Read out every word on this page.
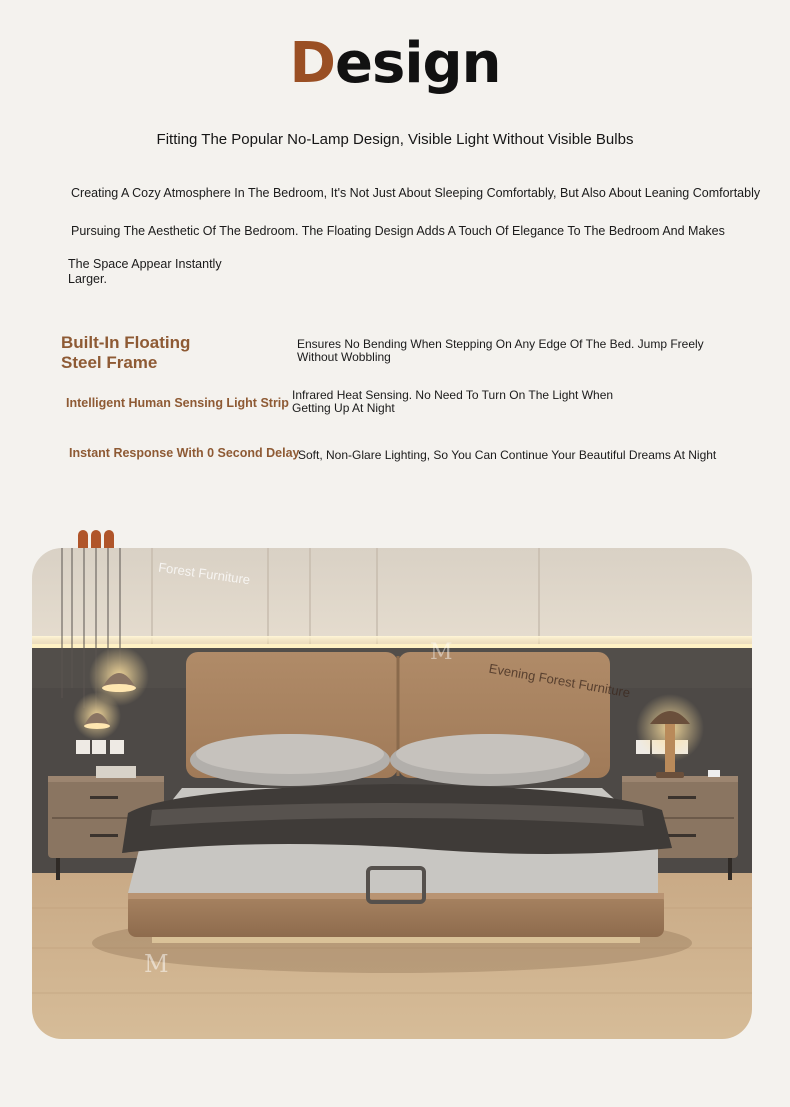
Design
Fitting The Popular No-Lamp Design, Visible Light Without Visible Bulbs
Creating A Cozy Atmosphere In The Bedroom, It's Not Just About Sleeping Comfortably, But Also About Leaning Comfortably
Pursuing The Aesthetic Of The Bedroom. The Floating Design Adds A Touch Of Elegance To The Bedroom And Makes
The Space Appear Instantly Larger.
Built-In Floating Steel Frame
Ensures No Bending When Stepping On Any Edge Of The Bed. Jump Freely Without Wobbling
Intelligent Human Sensing Light Strip
Infrared Heat Sensing. No Need To Turn On The Light When Getting Up At Night
Instant Response With 0 Second Delay
Soft, Non-Glare Lighting, So You Can Continue Your Beautiful Dreams At Night
Forest Furniture
Evening Forest Furniture
M
M
